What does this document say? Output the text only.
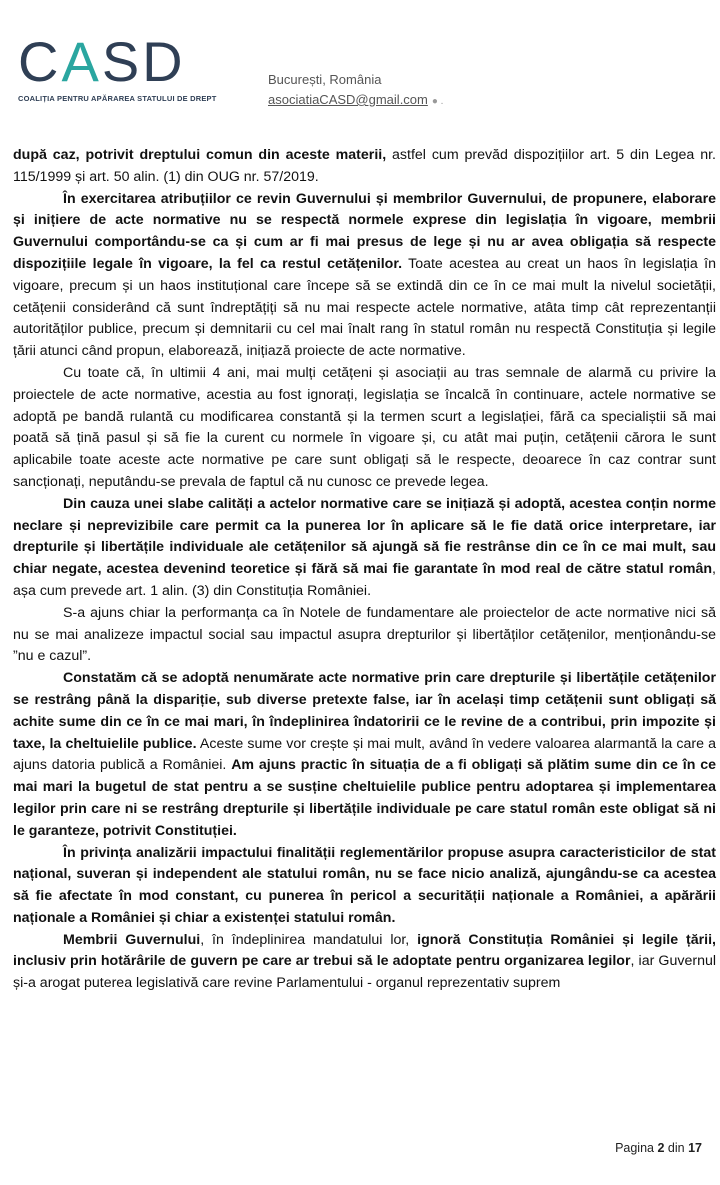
C A S D
COALIȚIA PENTRU APĂRAREA STATULUI DE DREPT
București, România
asociatiaCASD@gmail.com ● .

după caz, potrivit dreptului comun din aceste materii, astfel cum prevăd dispozițiilor art. 5 din Legea nr. 115/1999 și art. 50 alin. (1) din OUG nr. 57/2019.

În exercitarea atribuțiilor ce revin Guvernului și membrilor Guvernului, de propunere, elaborare și inițiere de acte normative nu se respectă normele exprese din legislația în vigoare, membrii Guvernului comportându-se ca și cum ar fi mai presus de lege și nu ar avea obligația să respecte dispozițiile legale în vigoare, la fel ca restul cetățenilor. Toate acestea au creat un haos în legislația în vigoare, precum și un haos instituțional care începe să se extindă din ce în ce mai mult la nivelul societății, cetățenii considerând că sunt îndreptățiți să nu mai respecte actele normative, atâta timp cât reprezentanții autorităților publice, precum și demnitarii cu cel mai înalt rang în statul român nu respectă Constituția și legile țării atunci când propun, elaborează, inițiază proiecte de acte normative.

Cu toate că, în ultimii 4 ani, mai mulți cetățeni și asociații au tras semnale de alarmă cu privire la proiectele de acte normative, acestia au fost ignorați, legislația se încalcă în continuare, actele normative se adoptă pe bandă rulantă cu modificarea constantă și la termen scurt a legislației, fără ca specialiștii să mai poată să țină pasul și să fie la curent cu normele în vigoare și, cu atât mai puțin, cetățenii cărora le sunt aplicabile toate aceste acte normative pe care sunt obligați să le respecte, deoarece în caz contrar sunt sancționați, neputându-se prevala de faptul că nu cunosc ce prevede legea.

Din cauza unei slabe calități a actelor normative care se inițiază și adoptă, acestea conțin norme neclare și neprevizibile care permit ca la punerea lor în aplicare să le fie dată orice interpretare, iar drepturile și libertățile individuale ale cetățenilor să ajungă să fie restrânse din ce în ce mai mult, sau chiar negate, acestea devenind teoretice și fără să mai fie garantate în mod real de către statul român, așa cum prevede art. 1 alin. (3) din Constituția României.

S-a ajuns chiar la performanța ca în Notele de fundamentare ale proiectelor de acte normative nici să nu se mai analizeze impactul social sau impactul asupra drepturilor și libertăților cetățenilor, menționându-se ”nu e cazul”.

Constatăm că se adoptă nenumărate acte normative prin care drepturile și libertățile cetățenilor se restrâng până la dispariție, sub diverse pretexte false, iar în același timp cetățenii sunt obligați să achite sume din ce în ce mai mari, în îndeplinirea îndatoririi ce le revine de a contribui, prin impozite și taxe, la cheltuielile publice. Aceste sume vor crește și mai mult, având în vedere valoarea alarmantă la care a ajuns datoria publică a României. Am ajuns practic în situația de a fi obligați să plătim sume din ce în ce mai mari la bugetul de stat pentru a se susține cheltuielile publice pentru adoptarea și implementarea legilor prin care ni se restrâng drepturile și libertățile individuale pe care statul român este obligat să ni le garanteze, potrivit Constituției.

În privința analizării impactului finalității reglementărilor propuse asupra caracteristicilor de stat național, suveran și independent ale statului român, nu se face nicio analiză, ajungându-se ca acestea să fie afectate în mod constant, cu punerea în pericol a securității naționale a României, a apărării naționale a României și chiar a existenței statului român.

Membrii Guvernului, în îndeplinirea mandatului lor, ignoră Constituția României și legile țării, inclusiv prin hotărârile de guvern pe care ar trebui să le adoptate pentru organizarea legilor, iar Guvernul și-a arogat puterea legislativă care revine Parlamentului - organul reprezentativ suprem

Pagina 2 din 17
